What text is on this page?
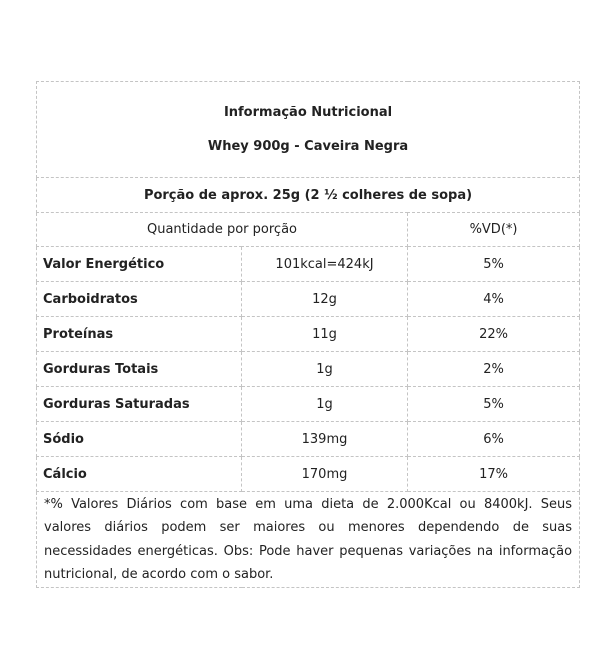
Informação Nutricional
Whey 900g - Caveira Negra		

Porção de aprox. 25g (2 ½ colheres de sopa)		
Quantidade por porção		%VD(*)
Valor Energético	101kcal=424kJ	5%
Carboidratos	12g	4%
Proteínas	11g	22%
Gorduras Totais	1g	2%
Gorduras Saturadas	1g	5%
Sódio	139mg	6%
Cálcio	170mg	17%
*% Valores Diários com base em uma dieta de 2.000Kcal ou 8400kJ. Seus valores diários podem ser maiores ou menores dependendo de suas necessidades energéticas. Obs: Pode haver pequenas variações na informação nutricional, de acordo com o sabor.		
